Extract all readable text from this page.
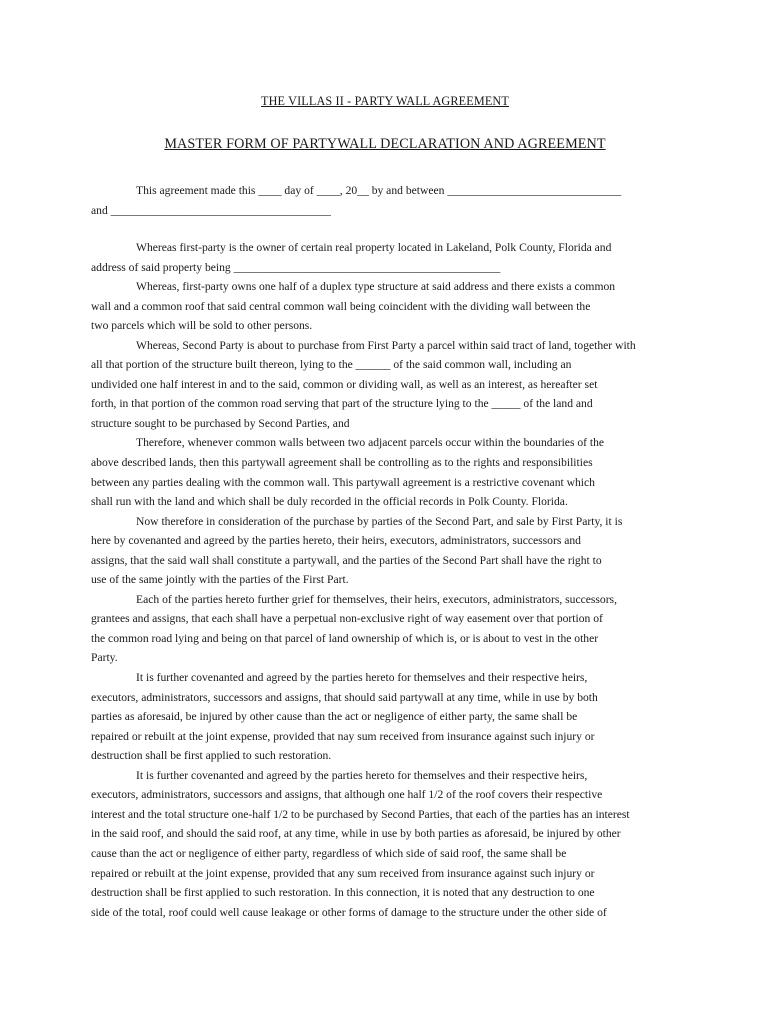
THE VILLAS II - PARTY WALL AGREEMENT
MASTER FORM OF PARTYWALL DECLARATION AND AGREEMENT
This agreement made this ____ day of ____, 20__ by and between ______________________________
and ______________________________________
Whereas first-party is the owner of certain real property located in Lakeland, Polk County, Florida and
address of said property being ______________________________________________
Whereas, first-party owns one half of a duplex type structure at said address and there exists a common
wall and a common roof that said central common wall being coincident with the dividing wall between the
two parcels which will be sold to other persons.
Whereas, Second Party is about to purchase from First Party a parcel within said tract of land, together with
all that portion of the structure built thereon, lying to the ______ of the said common wall, including an
undivided one half interest in and to the said, common or dividing wall, as well as an interest, as hereafter set
forth, in that portion of the common road serving that part of the structure lying to the _____ of the land and
structure sought to be purchased by Second Parties, and
Therefore, whenever common walls between two adjacent parcels occur within the boundaries of the
above described lands, then this partywall agreement shall be controlling as to the rights and responsibilities
between any parties dealing with the common wall. This partywall agreement is a restrictive covenant which
shall run with the land and which shall be duly recorded in the official records in Polk County. Florida.
Now therefore in consideration of the purchase by parties of the Second Part, and sale by First Party, it is
here by covenanted and agreed by the parties hereto, their heirs, executors, administrators, successors and
assigns, that the said wall shall constitute a partywall, and the parties of the Second Part shall have the right to
use of the same jointly with the parties of the First Part.
Each of the parties hereto further grief for themselves, their heirs, executors, administrators, successors,
grantees and assigns, that each shall have a perpetual non-exclusive right of way easement over that portion of
the common road lying and being on that parcel of land ownership of which is, or is about to vest in the other
Party.
It is further covenanted and agreed by the parties hereto for themselves and their respective heirs,
executors, administrators, successors and assigns, that should said partywall at any time, while in use by both
parties as aforesaid, be injured by other cause than the act or negligence of either party, the same shall be
repaired or rebuilt at the joint expense, provided that nay sum received from insurance against such injury or
destruction shall be first applied to such restoration.
It is further covenanted and agreed by the parties hereto for themselves and their respective heirs,
executors, administrators, successors and assigns, that although one half 1/2 of the roof covers their respective
interest and the total structure one-half 1/2 to be purchased by Second Parties, that each of the parties has an interest
in the said roof, and should the said roof, at any time, while in use by both parties as aforesaid, be injured by other
cause than the act or negligence of either party, regardless of which side of said roof, the same shall be
repaired or rebuilt at the joint expense, provided that any sum received from insurance against such injury or
destruction shall be first applied to such restoration. In this connection, it is noted that any destruction to one
side of the total, roof could well cause leakage or other forms of damage to the structure under the other side of
